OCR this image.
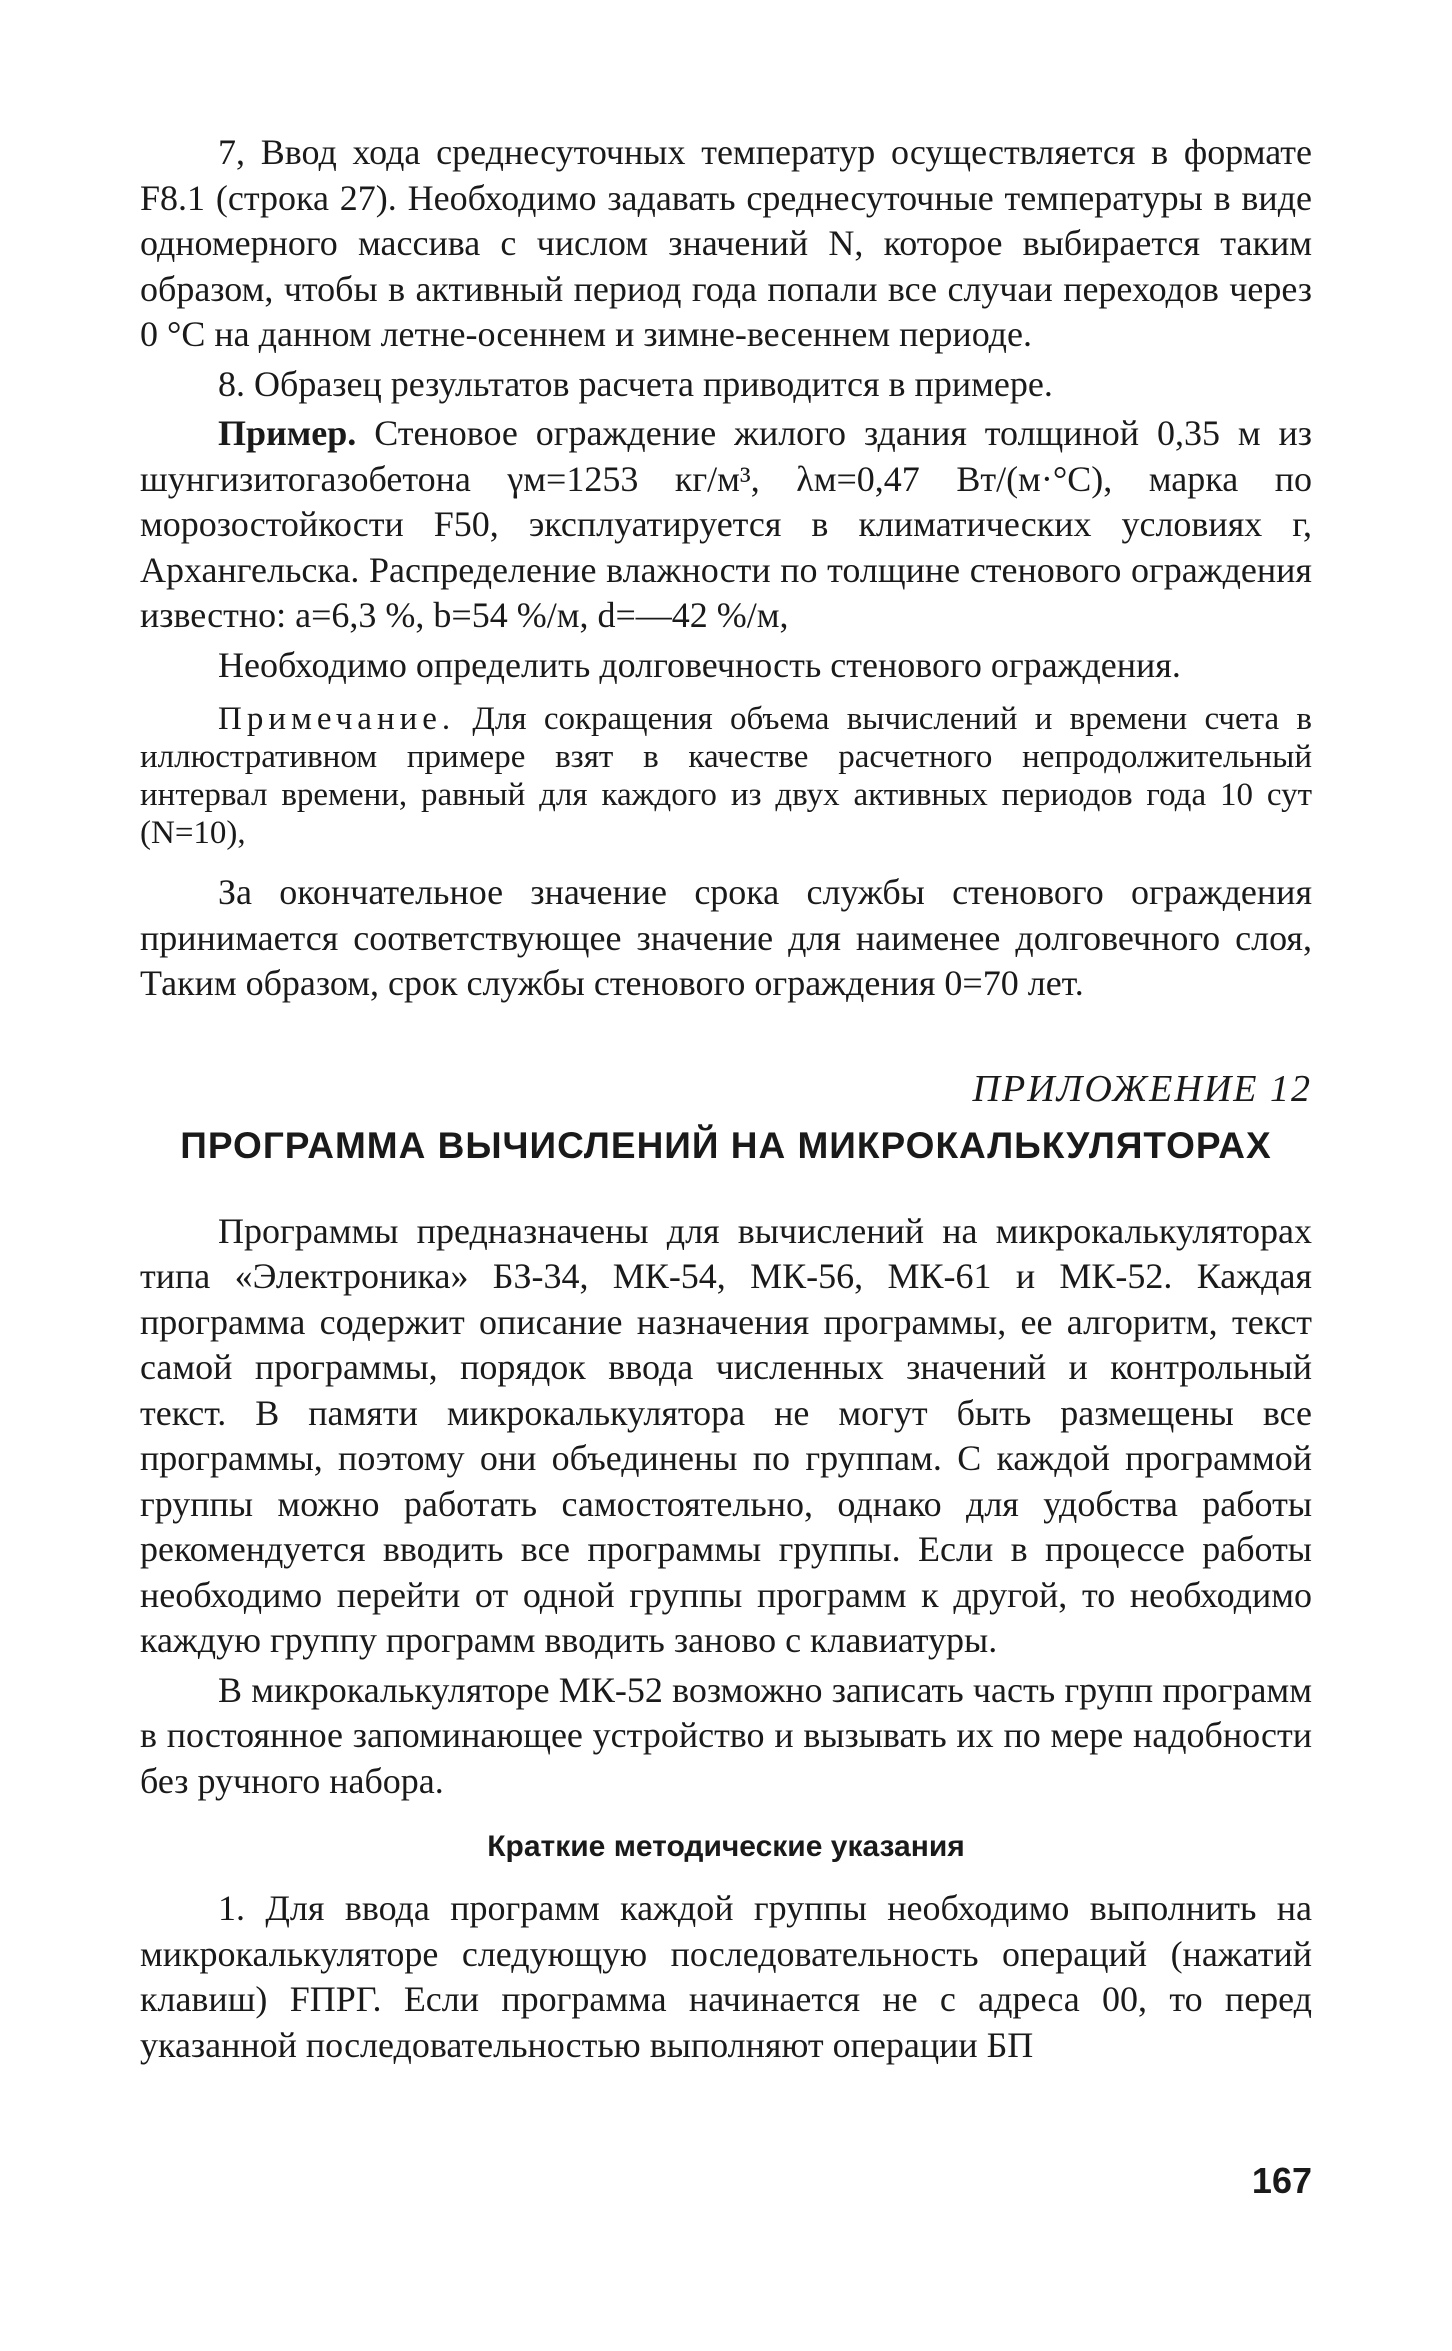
7, Ввод хода среднесуточных температур осуществляется в формате F8.1 (строка 27). Необходимо задавать среднесуточные температуры в виде одномерного массива с числом значений N, которое выбирается таким образом, чтобы в активный период года попали все случаи переходов через 0 °С на данном летне-осеннем и зимне-весеннем периоде.

8. Образец результатов расчета приводится в примере.

Пример. Стеновое ограждение жилого здания толщиной 0,35 м из шунгизитогазобетона γм=1253 кг/м³, λм=0,47 Вт/(м·°С), марка по морозостойкости F50, эксплуатируется в климатических условиях г, Архангельска. Распределение влажности по толщине стенового ограждения известно: a=6,3 %, b=54 %/м, d=—42 %/м,

Необходимо определить долговечность стенового ограждения.

Примечание. Для сокращения объема вычислений и времени счета в иллюстративном примере взят в качестве расчетного непродолжительный интервал времени, равный для каждого из двух активных периодов года 10 сут (N=10),

За окончательное значение срока службы стенового ограждения принимается соответствующее значение для наименее долговечного слоя, Таким образом, срок службы стенового ограждения 0=70 лет.

ПРИЛОЖЕНИЕ 12
ПРОГРАММА ВЫЧИСЛЕНИЙ НА МИКРОКАЛЬКУЛЯТОРАХ

Программы предназначены для вычислений на микрокалькуляторах типа «Электроника» БЗ-34, МК-54, МК-56, МК-61 и МК-52. Каждая программа содержит описание назначения программы, ее алгоритм, текст самой программы, порядок ввода численных значений и контрольный текст. В памяти микрокалькулятора не могут быть размещены все программы, поэтому они объединены по группам. С каждой программой группы можно работать самостоятельно, однако для удобства работы рекомендуется вводить все программы группы. Если в процессе работы необходимо перейти от одной группы программ к другой, то необходимо каждую группу программ вводить заново с клавиатуры.

В микрокалькуляторе МК-52 возможно записать часть групп программ в постоянное запоминающее устройство и вызывать их по мере надобности без ручного набора.

Краткие методические указания

1. Для ввода программ каждой группы необходимо выполнить на микрокалькуляторе следующую последовательность операций (нажатий клавиш) FПРГ. Если программа начинается не с адреса 00, то перед указанной последовательностью выполняют операции БП

167
